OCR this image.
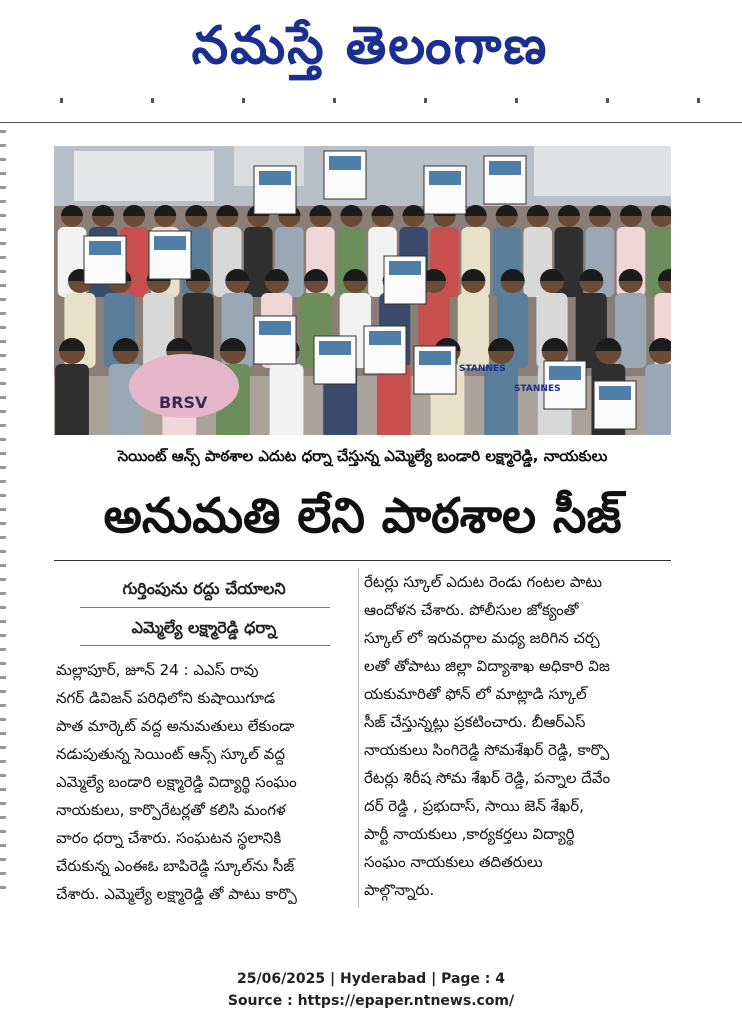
నమస్తే తెలంగాణ
STANNES
STANNES
BRSV
సెయింట్ ఆన్స్ పాఠశాల ఎదుట ధర్నా చేస్తున్న ఎమ్మెల్యే బండారి లక్ష్మారెడ్డి, నాయకులు
అనుమతి లేని పాఠశాల సీజ్
గుర్తింపును రద్దు చేయాలని
ఎమ్మెల్యే లక్ష్మారెడ్డి ధర్నా

మల్లాపూర్, జూన్ 24 : ఎఎస్ రావు

నగర్ డివిజన్ పరిధిలోని కుషాయిగూడ

పాత మార్కెట్ వద్ద అనుమతులు లేకుండా

నడుపుతున్న సెయింట్ ఆన్స్ స్కూల్ వద్ద

ఎమ్మెల్యే బండారి లక్ష్మారెడ్డి విద్యార్థి సంఘం

నాయకులు, కార్పొరేటర్లతో కలిసి మంగళ

వారం ధర్నా చేశారు. సంఘటన స్థలానికి

చేరుకున్న ఎంఈఓ బాపిరెడ్డి స్కూల్‌ను సీజ్

చేశారు. ఎమ్మెల్యే లక్ష్మారెడ్డి తో పాటు కార్పొ

రేటర్లు స్కూల్ ఎదుట రెండు గంటల పాటు

ఆందోళన చేశారు. పోలీసుల జోక్యంతో

స్కూల్ లో ఇరువర్గాల మధ్య జరిగిన చర్చ

లతో తోపాటు జిల్లా విద్యాశాఖ అధికారి విజ

యకుమారితో ఫోన్ లో మాట్లాడి స్కూల్

సీజ్ చేస్తున్నట్లు ప్రకటించారు. బీఆర్ఎస్

నాయకులు సింగిరెడ్డి సోమశేఖర్ రెడ్డి, కార్పొ

రేటర్లు శిరీష సోమ శేఖర్ రెడ్డి, పన్నాల దేవేం

దర్ రెడ్డి , ప్రభుదాస్, సాయి జెన్ శేఖర్,

పార్టీ నాయకులు ,కార్యకర్తలు విద్యార్థి

సంఘం నాయకులు తదితరులు

పాల్గొన్నారు.

25/06/2025 | Hyderabad | Page : 4
Source : https://epaper.ntnews.com/
